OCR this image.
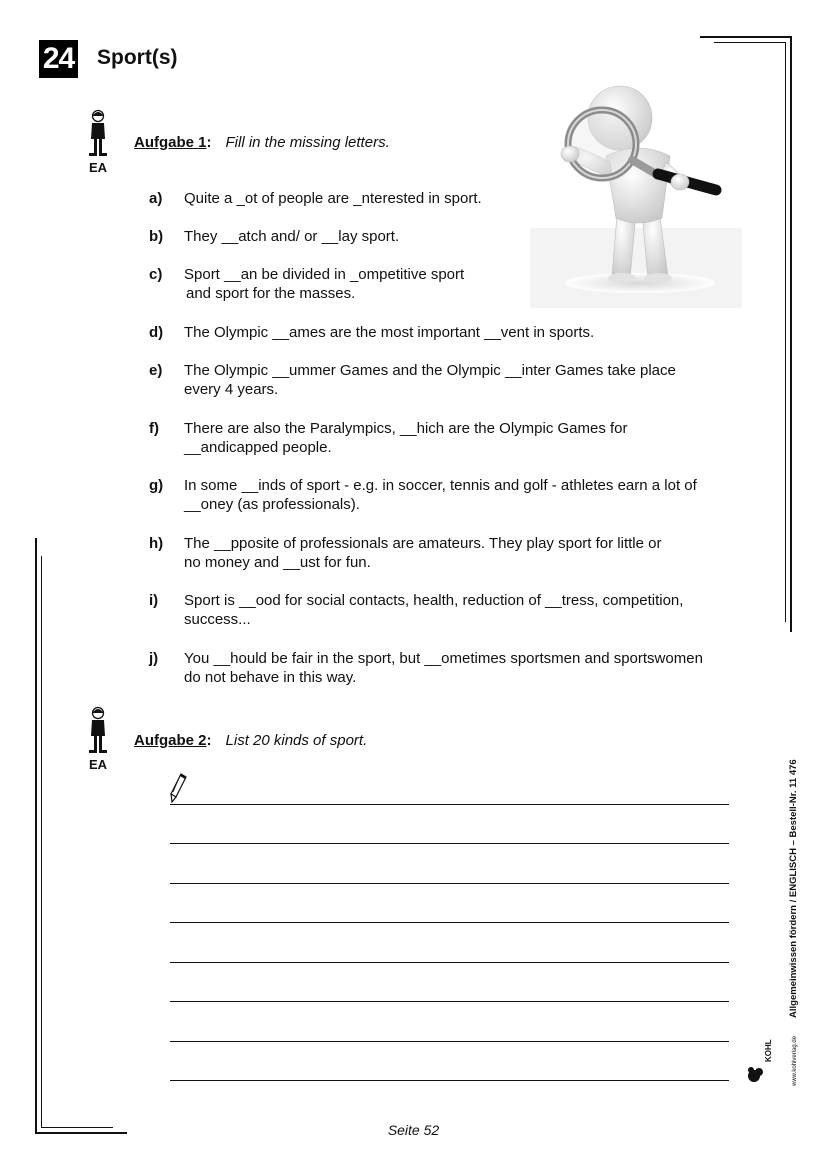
24 Sport(s)
EA
Aufgabe 1: Fill in the missing letters.
a)	Quite a _ot of people are _nterested in sport.
b)	They __atch and/ or __lay sport.
c)	Sport __an be divided in _ompetitive sport
and sport for the masses.
d)	The Olympic __ames are the most important __vent in sports.
e)	The Olympic __ummer Games and the Olympic __inter Games take place
every 4 years.
f)	There are also the Paralympics, __hich are the Olympic Games for
__andicapped people.
g)	In some __inds of sport - e.g. in soccer, tennis and golf - athletes earn a lot of
__oney (as professionals).
h)	The __pposite of professionals are amateurs. They play sport for little or
no money and __ust for fun.
i)	Sport is __ood for social contacts, health, reduction of __tress, competition,
success...
j)	You __hould be fair in the sport, but __ometimes sportsmen and sportswomen
do not behave in this way.
EA
Aufgabe 2: List 20 kinds of sport.
Allgemeinwissen fördern / ENGLISCH – Bestell-Nr. 11 476
KOHL	www.kohlverlag.de
Seite 52
